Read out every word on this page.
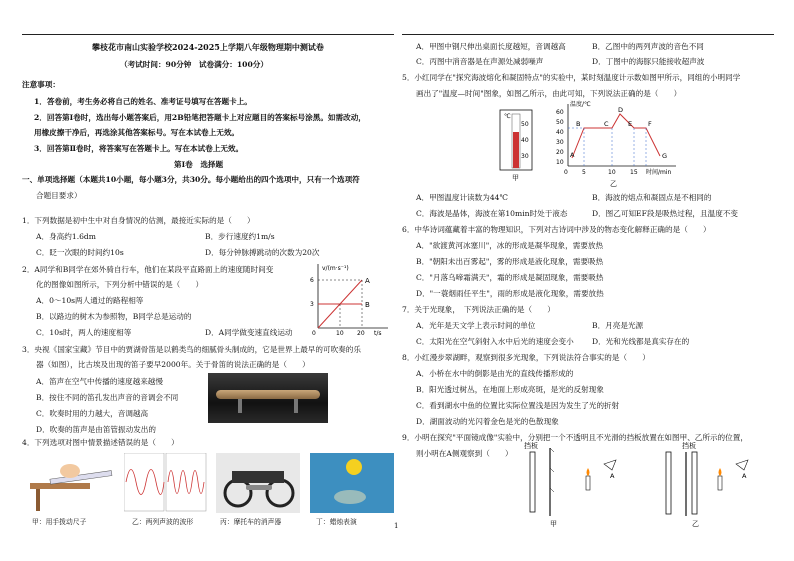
攀枝花市南山实验学校2024-2025上学期八年级物理期中测试卷
（考试时间：90分钟　试卷满分：100分）
注意事项：
1．答卷前，考生务必将自己的姓名、准考证号填写在答题卡上。
2．回答第Ⅰ卷时，选出每小题答案后，用2B铅笔把答题卡上对应题目的答案标号涂黑。如需改动，
用橡皮擦干净后，再选涂其他答案标号。写在本试卷上无效。
3．回答第Ⅱ卷时，将答案写在答题卡上。写在本试卷上无效。
第Ⅰ卷　选择题
一、单项选择题（本题共10小题，每小题3分，共30分。每小题给出的四个选项中，只有一个选项符
合题目要求）
1．下列数据是初中生中对自身情况的估测，最接近实际的是（　　）
A．身高约1.6dm	B．步行速度约1m/s
C．眨一次眼的时间约10s	D．每分钟脉搏跳动的次数为20次
2．A同学和B同学在郊外骑自行车，他们在某段平直路面上的速度随时间变
化的图像如图所示，下列分析中错误的是（　　）
A．0～10s两人通过的路程相等
B．以路边的树木为参照物，B同学总是运动的
C．10s时，两人的速度相等	D．A同学做变速直线运动
v/(m·s⁻¹)
6
3
0	10 20 t/s
A
B
3．央视《国家宝藏》节目中的贾湖骨笛是以鹤类鸟的细腻骨头制成的，它是世界上最早的可吹奏的乐
器（如图），比古埃及出现的笛子要早2000年。关于骨笛的说法正确的是（　　）
A．笛声在空气中传播的速度越来越慢
B．按住不同的笛孔发出声音的音调会不同
C．吹奏时用的力越大，音调越高
D．吹奏的笛声是由笛管振动发出的
4．下列选项对图中情景描述错误的是（　　）
甲：用手拨动尺子	乙：两列声波的波形	丙：摩托车的消声器	丁：蜡烛表演	1
A．甲图中钢尺伸出桌面长度越短，音调越高	B．乙图中的两列声波的音色不同
C．丙图中消音器是在声源处减弱噪声	D．丁图中的海豚只能接收超声波
5．小红同学在"探究海波熔化和凝固特点"的实验中，某时刻温度计示数如图甲所示，同组的小明同学
画出了"温度—时间"图象，如图乙所示，由此可知，下列说法正确的是（　　）
℃
50
40
30
甲
温度/℃
60
50
40
30
20
10
0 5	10 15 时间/min
A
B	C
D
E F
G
乙
A．甲图温度计读数为44℃	B．海波的熔点和凝固点是不相同的
C．海波是晶体，海波在第10min时处于液态	D．图乙可知EF段是吸热过程，且温度不变
6．中华诗词蕴藏着丰富的物理知识，下列对古诗词中涉及的物态变化解释正确的是（　　）
A．"欲渡黄河冰塞川"，冰的形成是凝华现象，需要放热
B．"朝阳未出百雾起"，雾的形成是液化现象，需要吸热
C．"月落乌啼霜满天"，霜的形成是凝固现象，需要吸热
D．"一蓑烟雨任平生"，雨的形成是液化现象，需要放热
7．关于光现象，　下列说法正确的是（　　）
A．光年是天文学上表示时间的单位	B．月亮是光源
C．太阳光在空气斜射入水中后光的速度会变小 D．光和光线都是真实存在的
8．小红漫步翠湖畔，观察到很多光现象，下列说法符合事实的是（　　）
A．小桥在水中的倒影是由光的直线传播形成的
B．阳光透过树丛，在地面上形成亮斑，是光的反射现象
C．看到湖水中鱼的位置比实际位置浅是因为发生了光的折射
D．湖面波动的光闪着金色是光的色散现象
9．小明在探究"平面镜成像"实验中，分别把一个不透明且不光滑的挡板放置在如图甲、乙所示的位置，
则小明在A侧观察到（　　）
挡板
A
甲
挡板
A
乙
